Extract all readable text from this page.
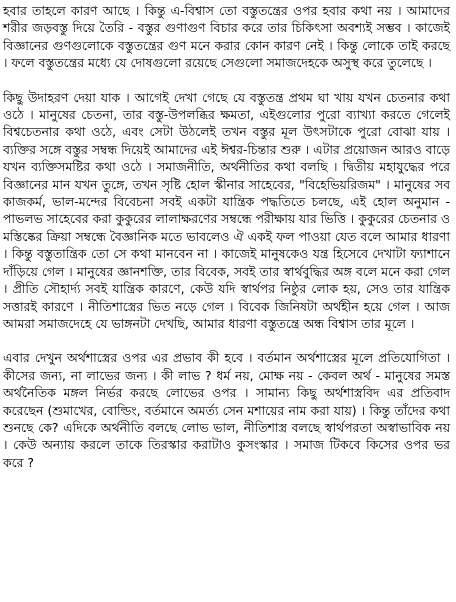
হবার তাহলে কারণ আছে । কিন্তু এ-বিশ্বাস তো বস্তুতন্ত্রের ওপর হবার কথা নয় । আমাদের শরীর জড়বস্তু দিয়ে তৈরি - বস্তুর গুণাগুণ বিচার করে তার চিকিৎসা অবশ্যই সম্ভব । কাজেই বিজ্ঞানের গুণগুলোকে বস্তুতন্ত্রের গুণ মনে করার কোন কারণ নেই । কিন্তু লোকে তাই করছে । ফলে বস্তুতন্ত্রের মধ্যে যে দোষগুলো রয়েছে সেগুলো সমাজদেহকে অসুস্থ করে তুলেছে ।

কিছু উদাহরণ দেয়া যাক । আগেই দেখা গেছে যে বস্তুতন্ত্র প্রথম ঘা খায় যখন চেতনার কথা ওঠে । মানুষের চেতনা, তার বস্তু-উপলব্ধির ক্ষমতা, এইগুলোর পুরো ব্যাখ্যা করতে গেলেই বিশ্বচেতনার কথা ওঠে, এবং সেটা উঠলেই তখন বস্তুর মূল উৎসটাকে পুরো বোঝা যায় । ব্যক্তির সঙ্গে বস্তুর সম্বন্ধ দিয়েই আমাদের এই ঈশ্বর-চিন্তার শুরু । এটার প্রয়োজন আরও বাড়ে যখন ব্যক্তিসমষ্টির কথা ওঠে । সমাজনীতি, অর্থনীতির কথা বলছি । দ্বিতীয় মহাযুদ্ধের পরে বিজ্ঞানের মান যখন তুঙ্গে, তখন সৃষ্টি হোল স্কীনার সাহেবের, "বিহেভিয়রিজম" । মানুষের সব কাজকর্ম, ভাল-মন্দের বিবেচনা সবই একটা যান্ত্রিক পদ্ধতিতে চলছে, এই হোল অনুমান - পাভলভ সাহেবের করা কুকুরের লালাক্ষরণের সম্বন্ধে পরীক্ষায় যার ভিত্তি । কুকুরের চেতনার ও মস্তিষ্কের ক্রিয়া সম্বন্ধে বৈজ্ঞানিক মতে ভাবলেও ঐ একই ফল পাওয়া যেত বলে আমার ধারণা । কিন্তু বস্তুতান্ত্রিক তো সে কথা মানবেন না । কাজেই মানুষকেও যন্ত্র হিসেবে দেখাটা ফ্যাশানে দাঁড়িয়ে গেল । মানুষের জ্ঞানশক্তি, তার বিবেক, সবই তার স্বার্থবুদ্ধির অঙ্গ বলে মনে করা গেল । প্রীতি সৌহার্দ্য সবই যান্ত্রিক কারণে, কেউ যদি স্বার্থপর নিষ্ঠুর লোক হয়, সেও তার যান্ত্রিক সত্তারই কারণে । নীতিশাস্ত্রের ভিত নড়ে গেল । বিবেক জিনিষটা অর্থহীন হয়ে গেল । আজ আমরা সমাজদেহে যে ভাঙ্গনটা দেখছি, আমার ধারণা বস্তুতন্ত্রে অন্ধ বিশ্বাস তার মূলে ।

এবার দেখুন অর্থশাস্ত্রের ওপর এর প্রভাব কী হবে । বর্তমান অর্থশাস্ত্রের মূলে প্রতিযোগিতা । কীসের জন্য, না লাভের জন্য । কী লাভ ? ধর্ম নয়, মোক্ষ নয় - কেবল অর্থ - মানুষের সমস্ত অর্থনৈতিক মঙ্গল নির্ভর করছে লোভের ওপর । সামান্য কিছু অর্থশাস্ত্রবিদ এর প্রতিবাদ করেছেন (শুমাখের, বোল্ডিং, বর্তমানে অমর্ত্য সেন মশায়ের নাম করা যায়) । কিন্তু তাঁদের কথা শুনছে কে? এদিকে অর্থনীতি বলছে লোভ ভাল, নীতিশাস্ত্র বলছে স্বার্থপরতা অস্বাভাবিক নয় । কেউ অন্যায় করলে তাকে তিরস্কার করাটাও কুসংস্কার । সমাজ টিকবে কিসের ওপর ভর করে ?
